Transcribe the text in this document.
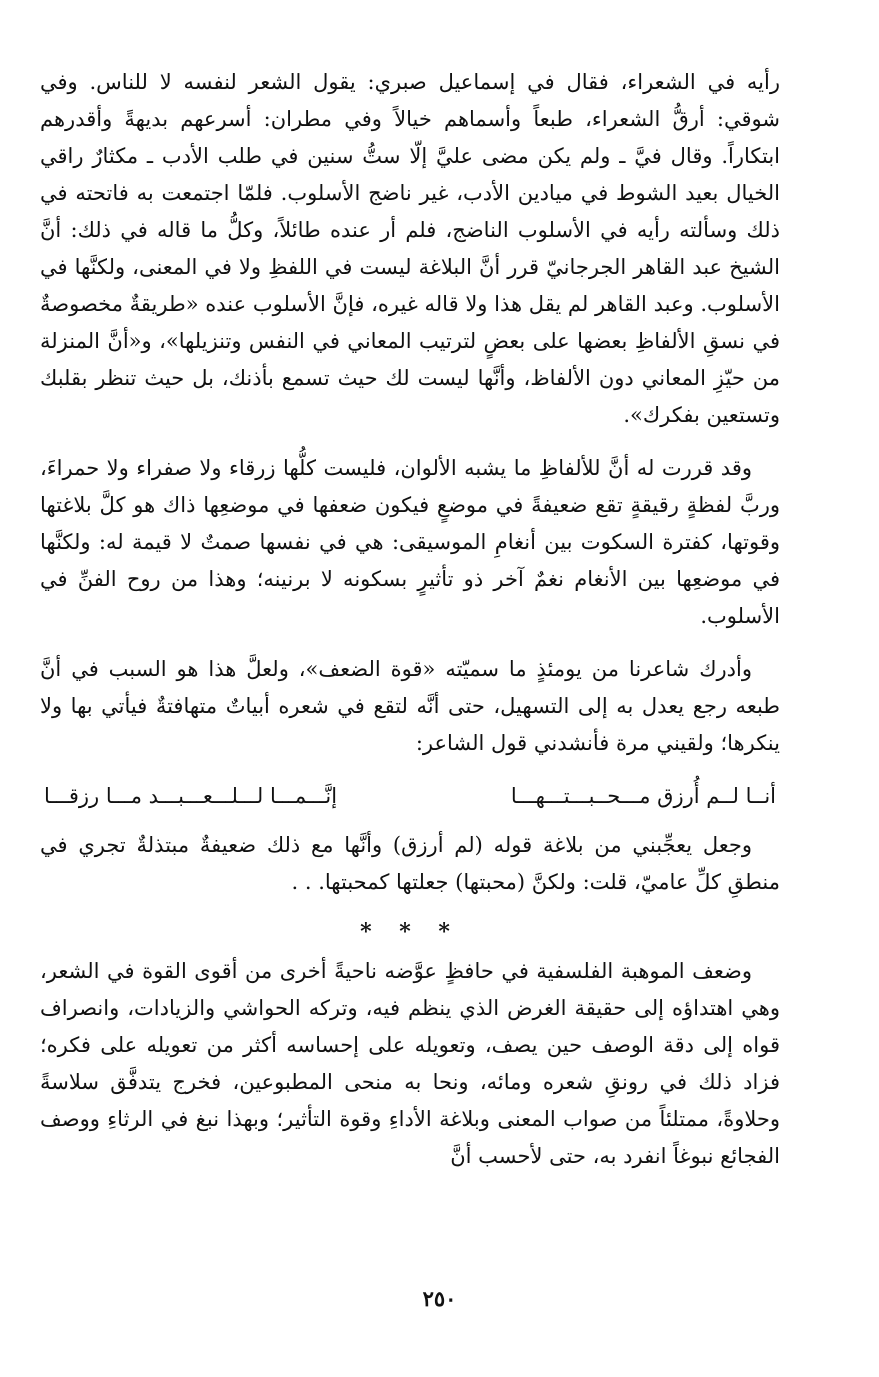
رأيه في الشعراء، فقال في إسماعيل صبري: يقول الشعر لنفسه لا للناس. وفي شوقي: أرقُّ الشعراء، طبعاً وأسماهم خيالاً وفي مطران: أسرعهم بديهةً وأقدرهم ابتكاراً. وقال فيَّ ـ ولم يكن مضى عليَّ إلّا ستُّ سنين في طلب الأدب ـ مكثارٌ راقي الخيال بعيد الشوط في ميادين الأدب، غير ناضج الأسلوب. فلمّا اجتمعت به فاتحته في ذلك وسألته رأيه في الأسلوب الناضج، فلم أر عنده طائلاً، وكلُّ ما قاله في ذلك: أنَّ الشيخ عبد القاهر الجرجانيّ قرر أنَّ البلاغة ليست في اللفظِ ولا في المعنى، ولكنَّها في الأسلوب. وعبد القاهر لم يقل هذا ولا قاله غيره، فإنَّ الأسلوب عنده «طريقةٌ مخصوصةٌ في نسقِ الألفاظِ بعضها على بعضٍ لترتيب المعاني في النفس وتنزيلها»، و«أنَّ المنزلة من حيّزِ المعاني دون الألفاظ، وأنَّها ليست لك حيث تسمع بأذنك، بل حيث تنظر بقلبك وتستعين بفكرك».

وقد قررت له أنَّ للألفاظِ ما يشبه الألوان، فليست كلُّها زرقاء ولا صفراء ولا حمراءَ، وربَّ لفظةٍ رقيقةٍ تقع ضعيفةً في موضعٍ فيكون ضعفها في موضعِها ذاك هو كلَّ بلاغتها وقوتها، كفترة السكوت بين أنغامِ الموسيقى: هي في نفسها صمتٌ لا قيمة له: ولكنَّها في موضعِها بين الأنغام نغمٌ آخر ذو تأثيرٍ بسكونه لا برنينه؛ وهذا من روح الفنِّ في الأسلوب.

وأدرك شاعرنا من يومئذٍ ما سميّته «قوة الضعف»، ولعلَّ هذا هو السبب في أنَّ طبعه رجع يعدل به إلى التسهيل، حتى أنَّه لتقع في شعره أبياتٌ متهافتةٌ فيأتي بها ولا ينكرها؛ ولقيني مرة فأنشدني قول الشاعر:

أنــا لــم أُرزق مـــحــبـــتـــهـــا
إنَّـــمـــا لـــلـــعـــبـــد مـــا رزقـــا

وجعل يعجِّبني من بلاغة قوله (لم أرزق) وأنَّها مع ذلك ضعيفةٌ مبتذلةٌ تجري في منطقِ كلِّ عاميّ، قلت: ولكنَّ (محبتها) جعلتها كمحبتها. . .

* * *

وضعف الموهبة الفلسفية في حافظٍ عوَّضه ناحيةً أخرى من أقوى القوة في الشعر، وهي اهتداؤه إلى حقيقة الغرض الذي ينظم فيه، وتركه الحواشي والزيادات، وانصراف قواه إلى دقة الوصف حين يصف، وتعويله على إحساسه أكثر من تعويله على فكره؛ فزاد ذلك في رونقِ شعره ومائه، ونحا به منحى المطبوعين، فخرج يتدفَّق سلاسةً وحلاوةً، ممتلئاً من صواب المعنى وبلاغة الأداءِ وقوة التأثير؛ وبهذا نبغ في الرثاءِ ووصف الفجائع نبوغاً انفرد به، حتى لأحسب أنَّ

٢٥٠
